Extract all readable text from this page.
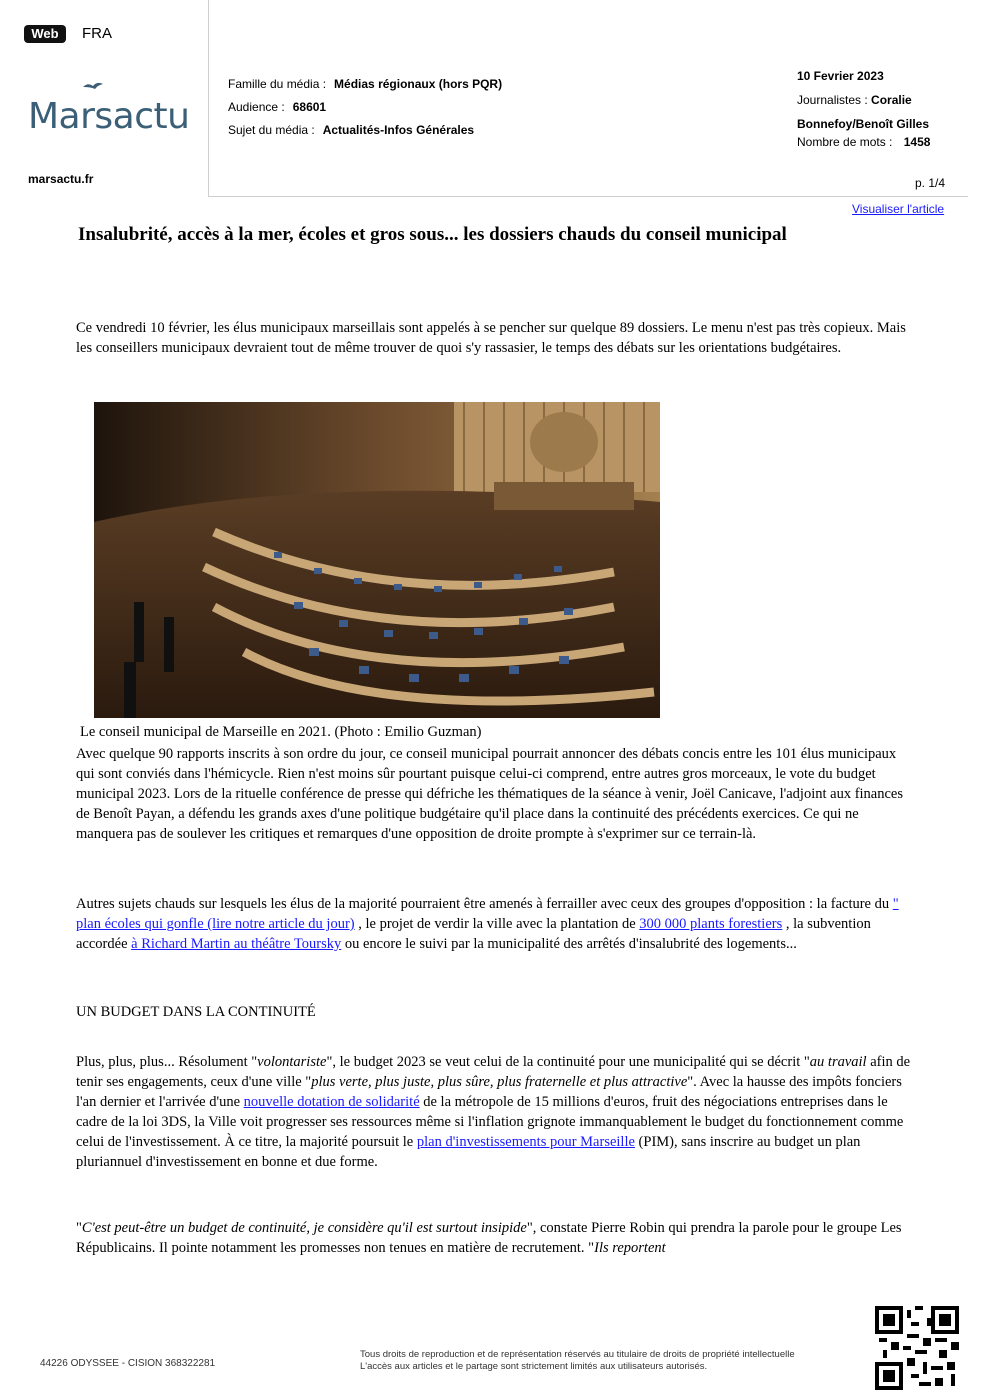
Web	FRA
Marsactu
marsactu.fr
Famille du média : Médias régionaux (hors PQR)
Audience : 68601
Sujet du média : Actualités-Infos Générales
10 Fevrier 2023
Journalistes : Coralie
Bonnefoy/Benoît Gilles
Nombre de mots : 1458
p. 1/4
Visualiser l'article
Insalubrité, accès à la mer, écoles et gros sous... les dossiers chauds du conseil municipal
Ce vendredi 10 février, les élus municipaux marseillais sont appelés à se pencher sur quelque 89 dossiers. Le menu n'est pas très copieux. Mais les conseillers municipaux devraient tout de même trouver de quoi s'y rassasier, le temps des débats sur les orientations budgétaires.
Le conseil municipal de Marseille en 2021. (Photo : Emilio Guzman)
Avec quelque 90 rapports inscrits à son ordre du jour, ce conseil municipal pourrait annoncer des débats concis entre les 101 élus municipaux qui sont conviés dans l'hémicycle. Rien n'est moins sûr pourtant puisque celui-ci comprend, entre autres gros morceaux, le vote du budget municipal 2023. Lors de la rituelle conférence de presse qui défriche les thématiques de la séance à venir, Joël Canicave, l'adjoint aux finances de Benoît Payan, a défendu les grands axes d'une politique budgétaire qu'il place dans la continuité des précédents exercices. Ce qui ne manquera pas de soulever les critiques et remarques d'une opposition de droite prompte à s'exprimer sur ce terrain-là.
Autres sujets chauds sur lesquels les élus de la majorité pourraient être amenés à ferrailler avec ceux des groupes d'opposition : la facture du " plan écoles qui gonfle (lire notre article du jour) , le projet de verdir la ville avec la plantation de 300 000 plants forestiers , la subvention accordée à Richard Martin au théâtre Toursky ou encore le suivi par la municipalité des arrêtés d'insalubrité des logements...
UN BUDGET DANS LA CONTINUITÉ
Plus, plus, plus... Résolument "volontariste", le budget 2023 se veut celui de la continuité pour une municipalité qui se décrit "au travail afin de tenir ses engagements, ceux d'une ville "plus verte, plus juste, plus sûre, plus fraternelle et plus attractive". Avec la hausse des impôts fonciers l'an dernier et l'arrivée d'une nouvelle dotation de solidarité de la métropole de 15 millions d'euros, fruit des négociations entreprises dans le cadre de la loi 3DS, la Ville voit progresser ses ressources même si l'inflation grignote immanquablement le budget du fonctionnement comme celui de l'investissement. À ce titre, la majorité poursuit le plan d'investissements pour Marseille (PIM), sans inscrire au budget un plan pluriannuel d'investissement en bonne et due forme.
"C'est peut-être un budget de continuité, je considère qu'il est surtout insipide", constate Pierre Robin qui prendra la parole pour le groupe Les Républicains. Il pointe notamment les promesses non tenues en matière de recrutement. "Ils reportent
44226 ODYSSEE - CISION 368322281
Tous droits de reproduction et de représentation réservés au titulaire de droits de propriété intellectuelle
L'accès aux articles et le partage sont strictement limités aux utilisateurs autorisés.
